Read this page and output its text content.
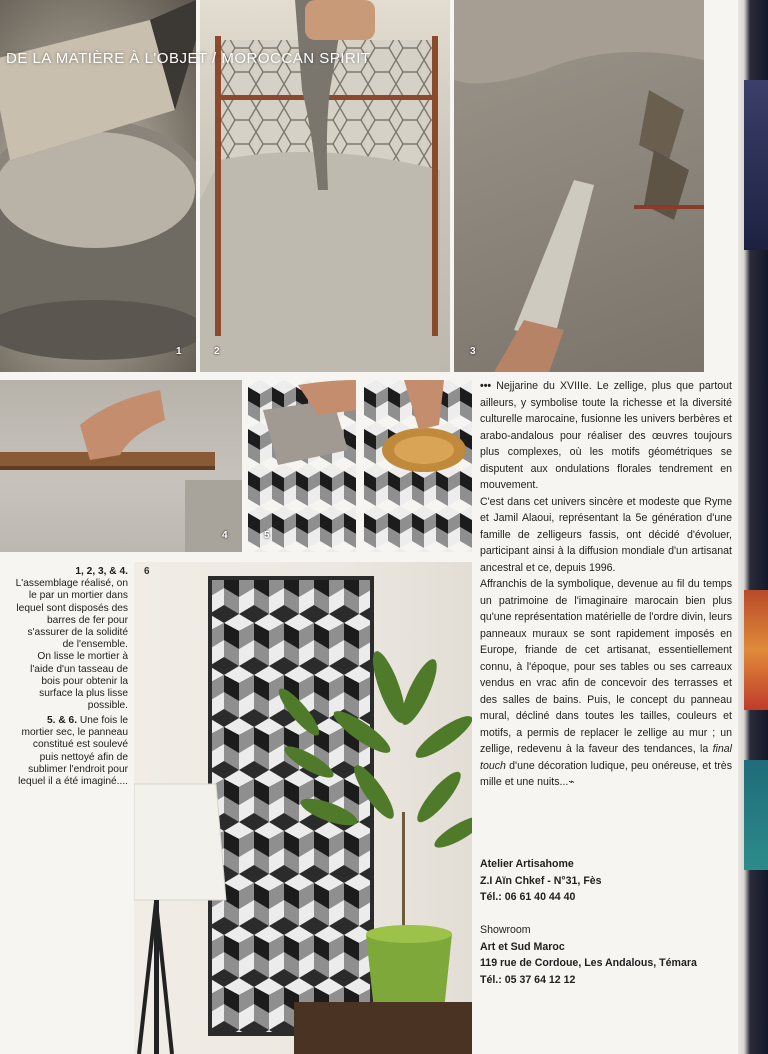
1	2	3
DE LA MATIÈRE À L'OBJET / MOROCCAN SPIRIT
4	5
1, 2, 3, & 4. L'assemblage réalisé, on le par un mortier dans lequel sont disposés des barres de fer pour s'assurer de la solidité de l'ensemble.
On lisse le mortier à l'aide d'un tasseau de bois pour obtenir la surface la plus lisse possible.
5. & 6. Une fois le mortier sec, le panneau constitué est soulevé puis nettoyé afin de sublimer l'endroit pour lequel il a été imaginé....
6

••• Nejjarine du XVIIIe. Le zellige, plus que partout ailleurs, y symbolise toute la richesse et la diversité culturelle marocaine, fusionne les univers berbères et arabo-andalous pour réaliser des œuvres toujours plus complexes, où les motifs géométriques se disputent aux ondulations florales tendrement en mouvement.

C'est dans cet univers sincère et modeste que Ryme et Jamil Alaoui, représentant la 5e génération d'une famille de zelligeurs fassis, ont décidé d'évoluer, participant ainsi à la diffusion mondiale d'un artisanat ancestral et ce, depuis 1996.

Affranchis de la symbolique, devenue au fil du temps un patrimoine de l'imaginaire marocain bien plus qu'une représentation matérielle de l'ordre divin, leurs panneaux muraux se sont rapidement imposés en Europe, friande de cet artisanat, essentiellement connu, à l'époque, pour ses tables ou ses carreaux vendus en vrac afin de concevoir des terrasses et des salles de bains. Puis, le concept du panneau mural, décliné dans toutes les tailles, couleurs et motifs, a permis de replacer le zellige au mur ; un zellige, redevenu à la faveur des tendances, la final touch d'une décoration ludique, peu onéreuse, et très mille et une nuits...⌁

Atelier Artisahome

Z.I Aïn Chkef - N°31, Fès

Tél.: 06 61 40 44 40

Showroom

Art et Sud Maroc

119 rue de Cordoue, Les Andalous, Témara

Tél.: 05 37 64 12 12
